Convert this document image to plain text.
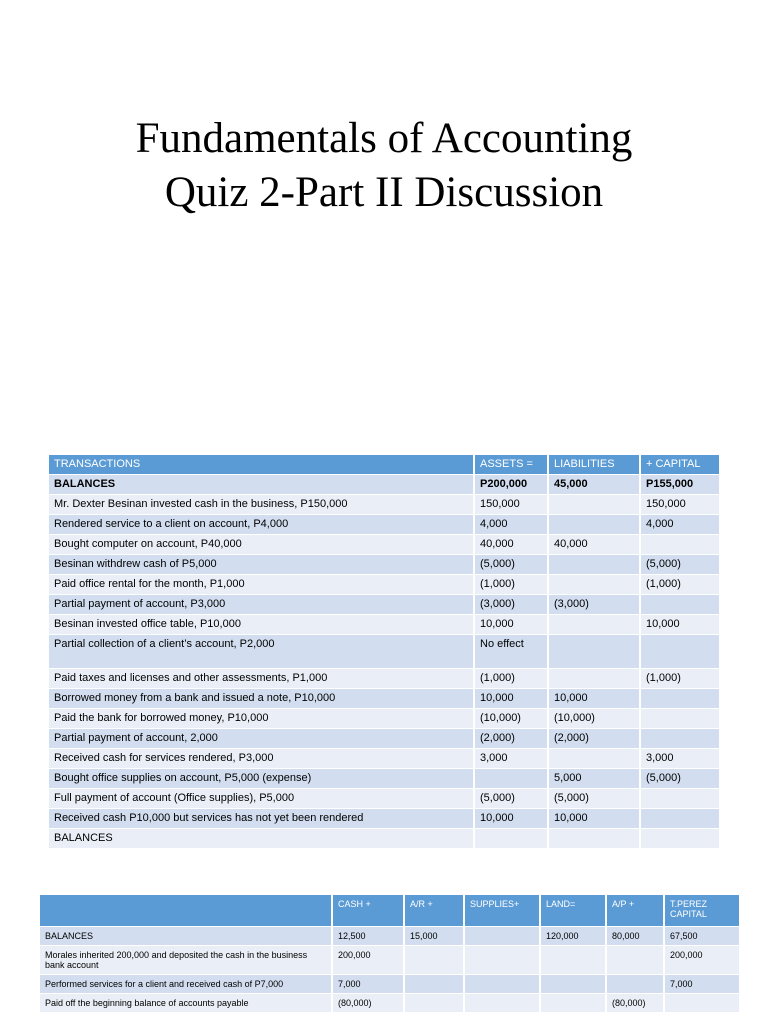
Fundamentals of Accounting
Quiz 2-Part II Discussion
TRANSACTIONS	ASSETS =	LIABILITIES	+ CAPITAL
BALANCES	P200,000	45,000	P155,000
Mr. Dexter Besinan invested cash in the business, P150,000	150,000		150,000
Rendered service to a client on account, P4,000	4,000		4,000
Bought computer on account, P40,000	40,000	40,000	
Besinan withdrew cash of P5,000	(5,000)		(5,000)
Paid office rental for the month, P1,000	(1,000)		(1,000)
Partial payment of account, P3,000	(3,000)	(3,000)	
Besinan invested office table, P10,000	10,000		10,000
Partial collection of a client’s account, P2,000	No effect		
Paid taxes and licenses and other assessments, P1,000	(1,000)		(1,000)
Borrowed money from a bank and issued a note, P10,000	10,000	10,000	
Paid the bank for borrowed money, P10,000	(10,000)	(10,000)	
Partial payment of account, 2,000	(2,000)	(2,000)	
Received cash for services rendered, P3,000	3,000		3,000
Bought office supplies on account, P5,000 (expense)		5,000	(5,000)
Full payment of account (Office supplies), P5,000	(5,000)	(5,000)	
Received cash P10,000 but services has not yet been rendered	10,000	10,000	
BALANCES			
	CASH +	A/R +	SUPPLIES+	LAND=	A/P +	T.PEREZ CAPITAL
BALANCES	12,500	15,000		120,000	80,000	67,500
Morales inherited 200,000 and deposited the cash in the business bank account	200,000					200,000
Performed services for a client and received cash of P7,000	7,000					7,000
Paid off the beginning balance of accounts payable	(80,000)				(80,000)	
